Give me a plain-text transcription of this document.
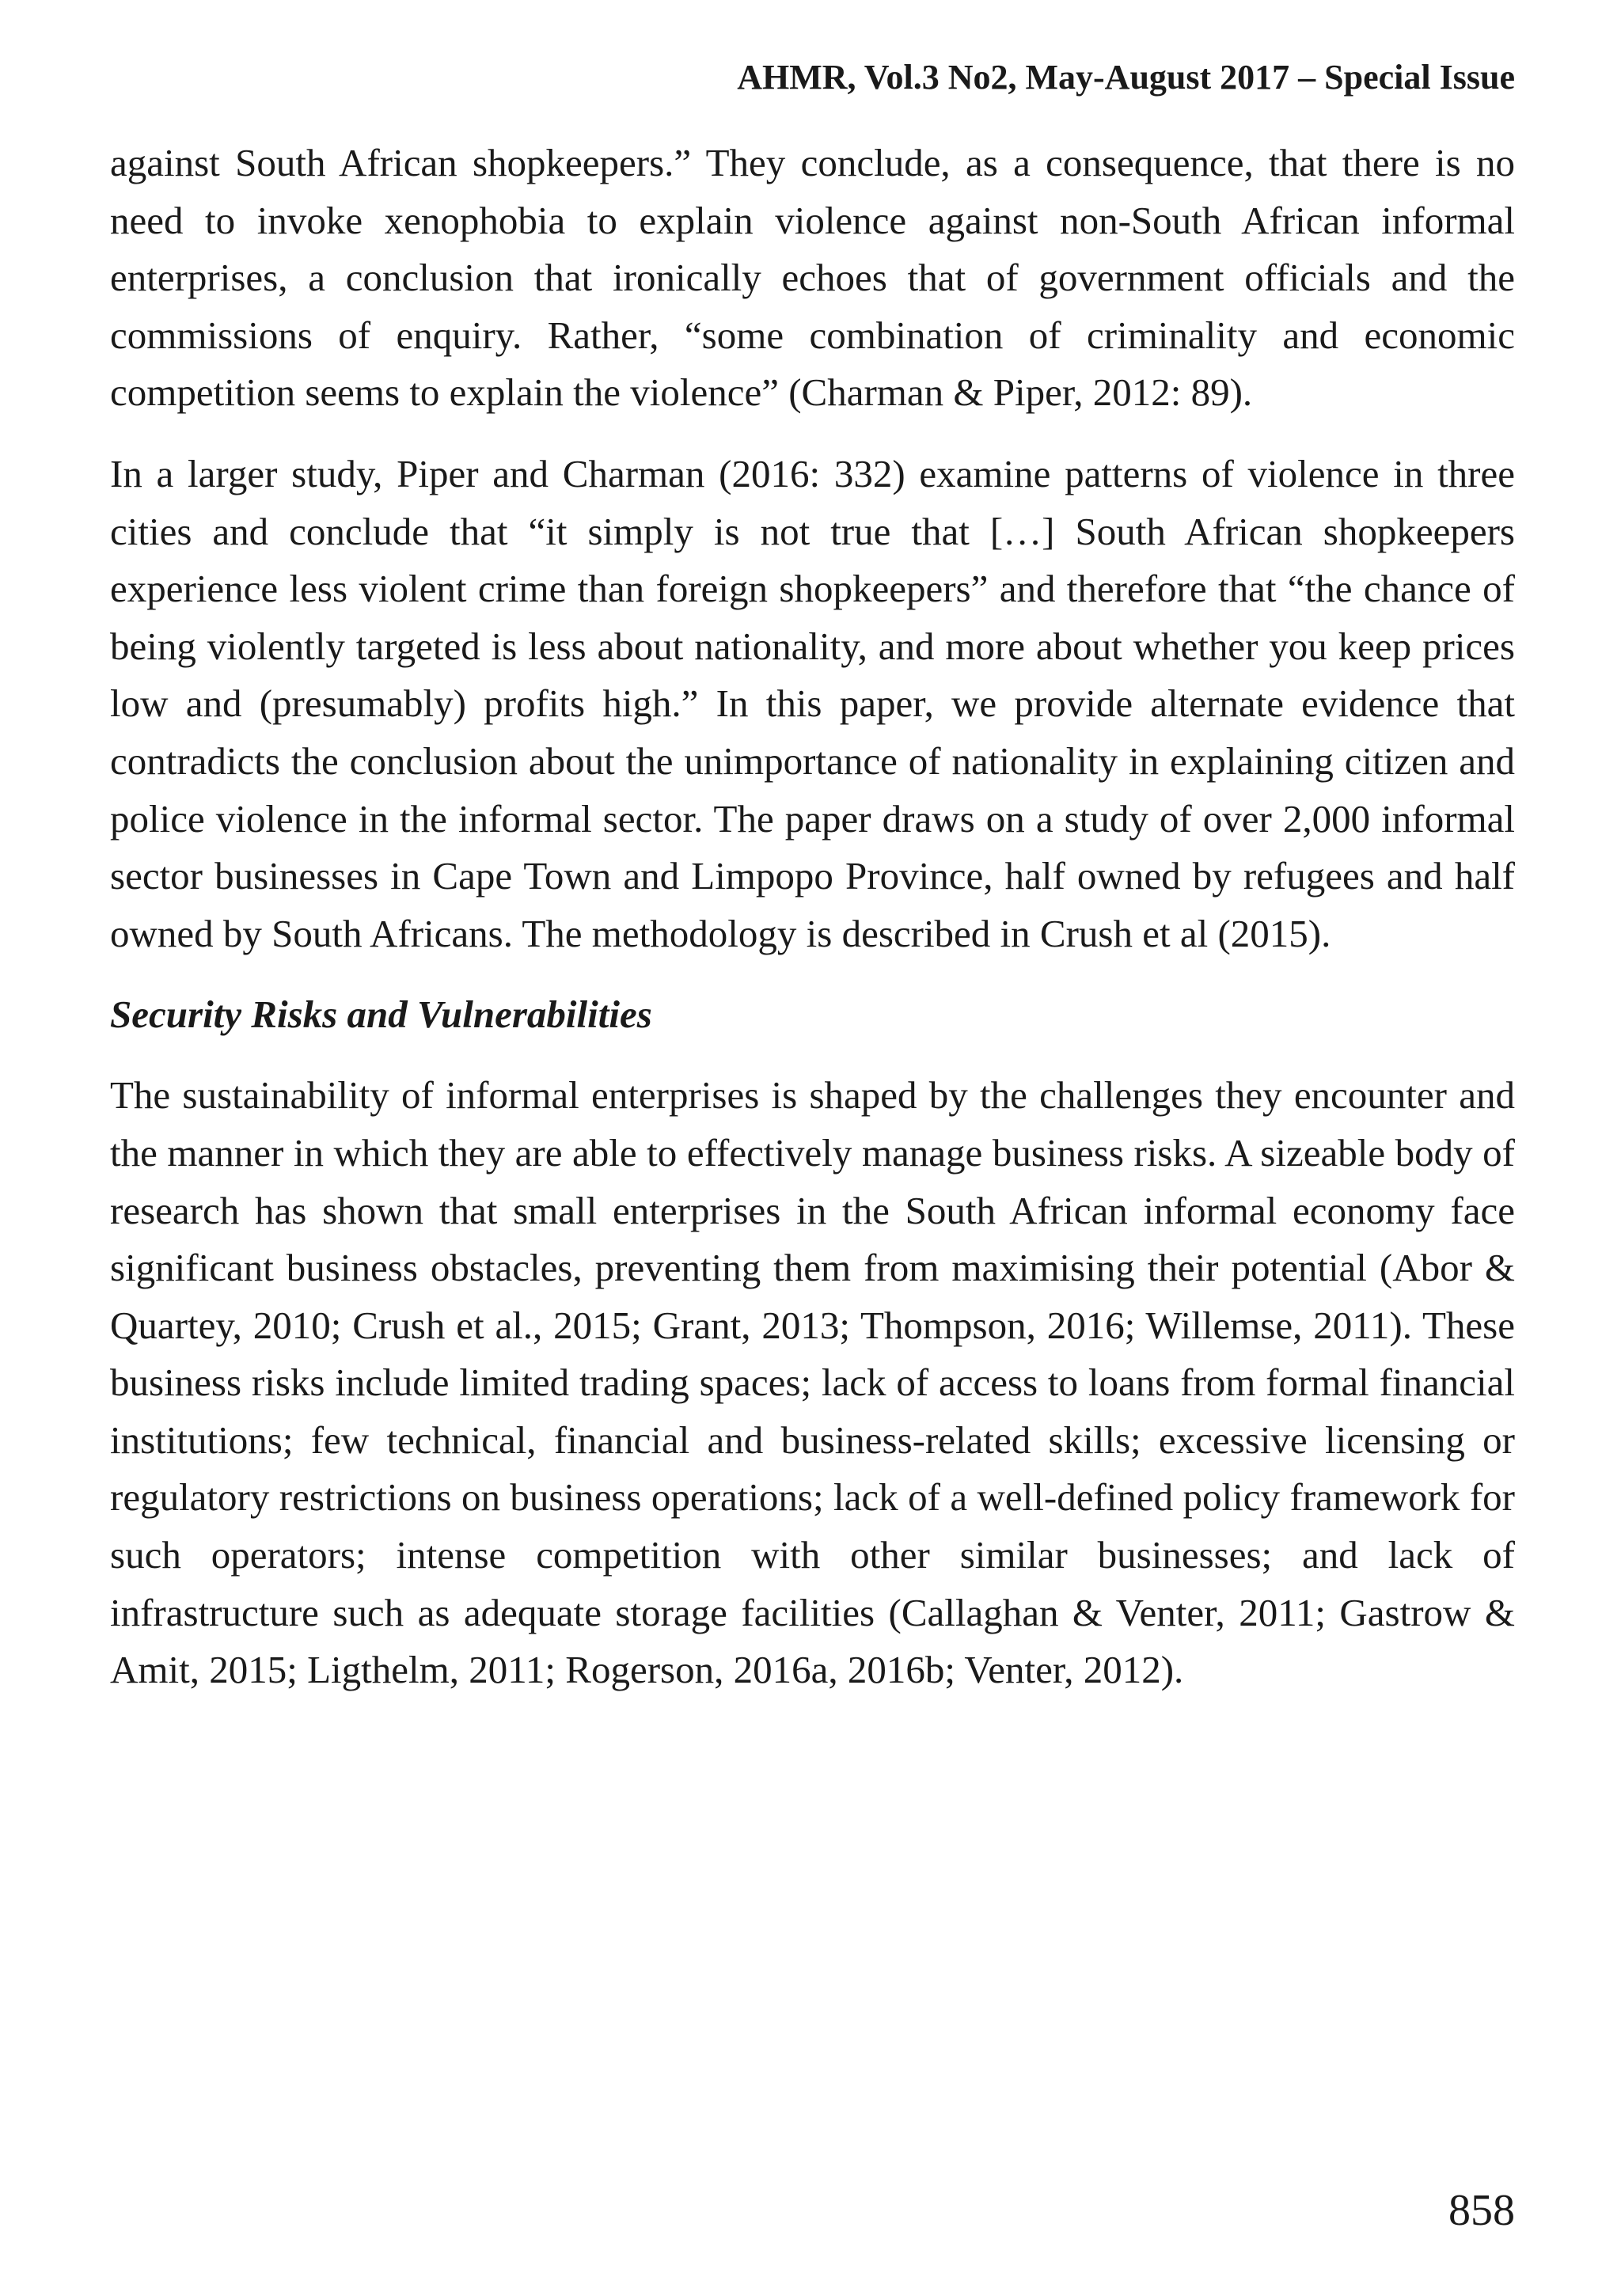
AHMR, Vol.3 No2, May-August 2017 – Special Issue

against South African shopkeepers.” They conclude, as a consequence, that there is no need to invoke xenophobia to explain violence against non-South African informal enterprises, a conclusion that ironically echoes that of government officials and the commissions of enquiry. Rather, “some combination of criminality and economic competition seems to explain the violence” (Charman & Piper, 2012: 89).

In a larger study, Piper and Charman (2016: 332) examine patterns of violence in three cities and conclude that “it simply is not true that […] South African shopkeepers experience less violent crime than foreign shopkeepers” and therefore that “the chance of being violently targeted is less about nationality, and more about whether you keep prices low and (presumably) profits high.” In this paper, we provide alternate evidence that contradicts the conclusion about the unimportance of nationality in explaining citizen and police violence in the informal sector. The paper draws on a study of over 2,000 informal sector businesses in Cape Town and Limpopo Province, half owned by refugees and half owned by South Africans. The methodology is described in Crush et al (2015).

Security Risks and Vulnerabilities

The sustainability of informal enterprises is shaped by the challenges they encounter and the manner in which they are able to effectively manage business risks. A sizeable body of research has shown that small enterprises in the South African informal economy face significant business obstacles, preventing them from maximising their potential (Abor & Quartey, 2010; Crush et al., 2015; Grant, 2013; Thompson, 2016; Willemse, 2011). These business risks include limited trading spaces; lack of access to loans from formal financial institutions; few technical, financial and business-related skills; excessive licensing or regulatory restrictions on business operations; lack of a well-defined policy framework for such operators; intense competition with other similar businesses; and lack of infrastructure such as adequate storage facilities (Callaghan & Venter, 2011; Gastrow & Amit, 2015; Ligthelm, 2011; Rogerson, 2016a, 2016b; Venter, 2012).

858
